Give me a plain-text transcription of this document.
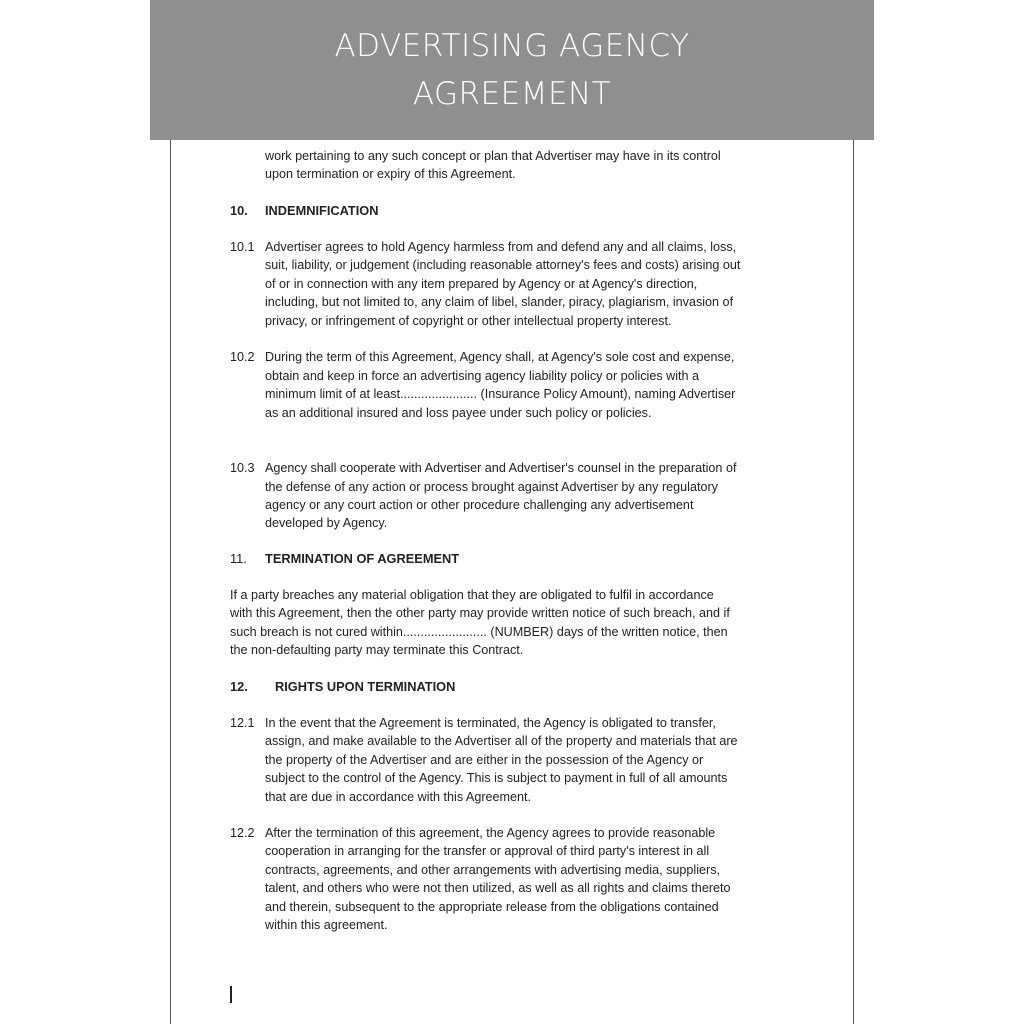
ADVERTISING AGENCY
AGREEMENT
work pertaining to any such concept or plan that Advertiser may have in its control
upon termination or expiry of this Agreement.
10. INDEMNIFICATION
10.1 Advertiser agrees to hold Agency harmless from and defend any and all claims, loss,
suit, liability, or judgement (including reasonable attorney's fees and costs) arising out
of or in connection with any item prepared by Agency or at Agency's direction,
including, but not limited to, any claim of libel, slander, piracy, plagiarism, invasion of
privacy, or infringement of copyright or other intellectual property interest.
10.2 During the term of this Agreement, Agency shall, at Agency's sole cost and expense,
obtain and keep in force an advertising agency liability policy or policies with a
minimum limit of at least...................... (Insurance Policy Amount), naming Advertiser
as an additional insured and loss payee under such policy or policies.
10.3 Agency shall cooperate with Advertiser and Advertiser's counsel in the preparation of
the defense of any action or process brought against Advertiser by any regulatory
agency or any court action or other procedure challenging any advertisement
developed by Agency.
11. TERMINATION OF AGREEMENT
If a party breaches any material obligation that they are obligated to fulfil in accordance
with this Agreement, then the other party may provide written notice of such breach, and if
such breach is not cured within........................ (NUMBER) days of the written notice, then
the non-defaulting party may terminate this Contract.
12. RIGHTS UPON TERMINATION
12.1 In the event that the Agreement is terminated, the Agency is obligated to transfer,
assign, and make available to the Advertiser all of the property and materials that are
the property of the Advertiser and are either in the possession of the Agency or
subject to the control of the Agency. This is subject to payment in full of all amounts
that are due in accordance with this Agreement.
12.2 After the termination of this agreement, the Agency agrees to provide reasonable
cooperation in arranging for the transfer or approval of third party's interest in all
contracts, agreements, and other arrangements with advertising media, suppliers,
talent, and others who were not then utilized, as well as all rights and claims thereto
and therein, subsequent to the appropriate release from the obligations contained
within this agreement.
